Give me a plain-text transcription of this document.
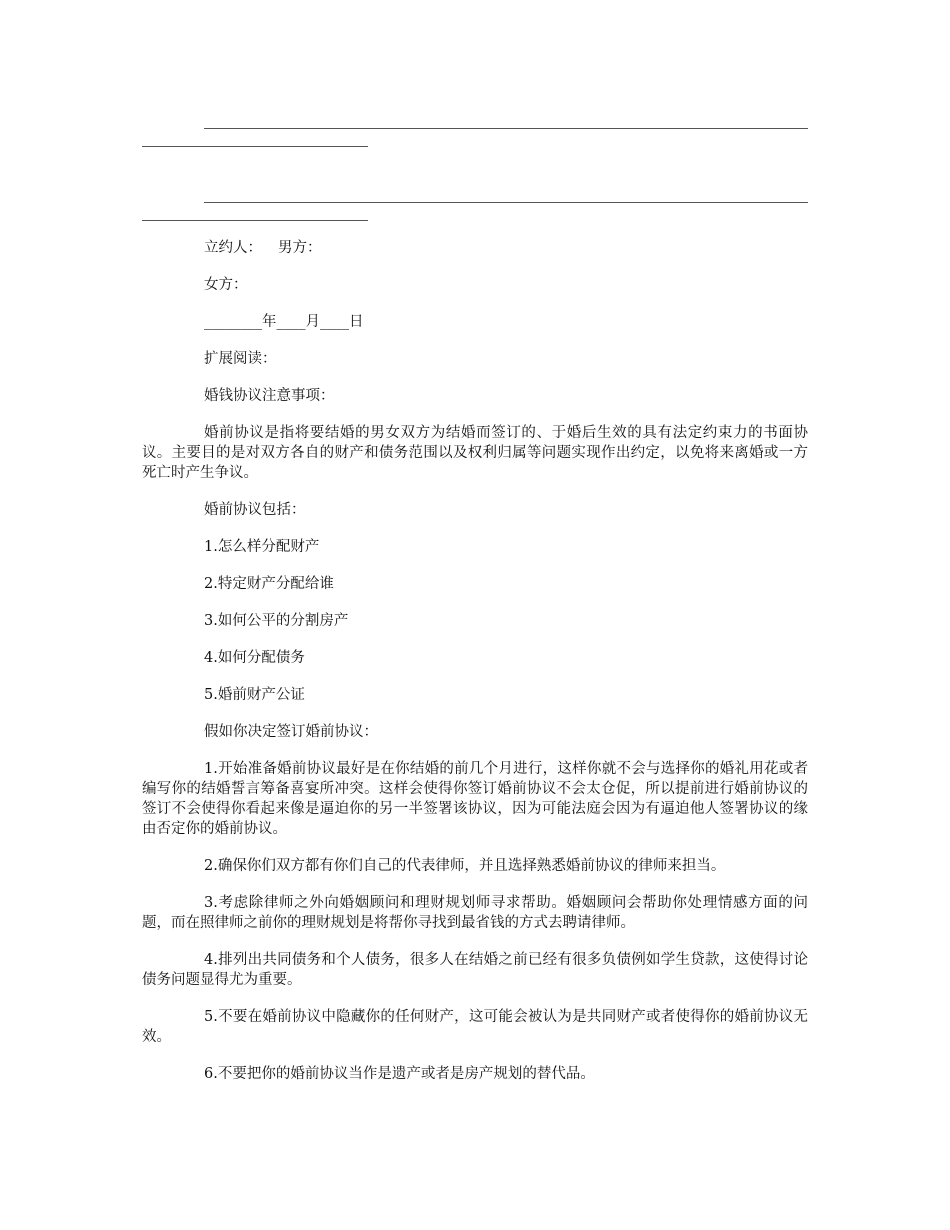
立约人： 男方：

女方：

________年____月____日

扩展阅读：

婚钱协议注意事项：

婚前协议是指将要结婚的男女双方为结婚而签订的、于婚后生效的具有法定约束力的书面协议。主要目的是对双方各自的财产和债务范围以及权利归属等问题实现作出约定，以免将来离婚或一方死亡时产生争议。

婚前协议包括：

1.怎么样分配财产

2.特定财产分配给谁

3.如何公平的分割房产

4.如何分配债务

5.婚前财产公证

假如你决定签订婚前协议：

1.开始准备婚前协议最好是在你结婚的前几个月进行，这样你就不会与选择你的婚礼用花或者编写你的结婚誓言筹备喜宴所冲突。这样会使得你签订婚前协议不会太仓促，所以提前进行婚前协议的签订不会使得你看起来像是逼迫你的另一半签署该协议，因为可能法庭会因为有逼迫他人签署协议的缘由否定你的婚前协议。

2.确保你们双方都有你们自己的代表律师，并且选择熟悉婚前协议的律师来担当。

3.考虑除律师之外向婚姻顾问和理财规划师寻求帮助。婚姻顾问会帮助你处理情感方面的问题，而在照律师之前你的理财规划是将帮你寻找到最省钱的方式去聘请律师。

4.排列出共同债务和个人债务，很多人在结婚之前已经有很多负债例如学生贷款，这使得讨论债务问题显得尤为重要。

5.不要在婚前协议中隐藏你的任何财产，这可能会被认为是共同财产或者使得你的婚前协议无效。

6.不要把你的婚前协议当作是遗产或者是房产规划的替代品。
